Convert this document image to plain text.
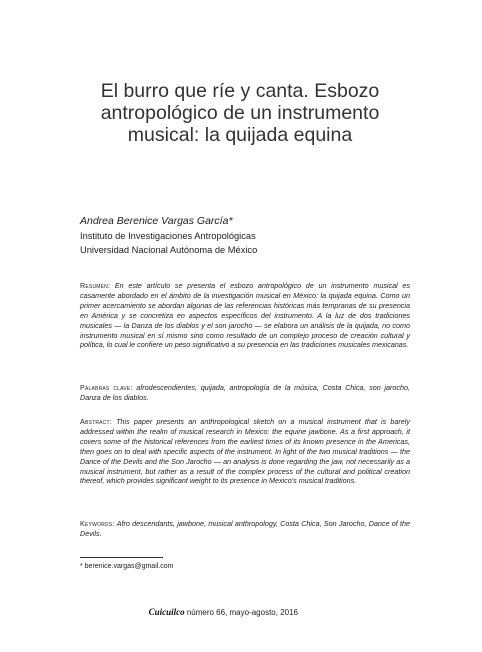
El burro que ríe y canta. Esbozo
antropológico de un instrumento
musical: la quijada equina
Andrea Berenice Vargas García*
Instituto de Investigaciones Antropológicas
Universidad Nacional Autónoma de México

Resumen: En este artículo se presenta el esbozo antropológico de un instrumento musical es casamente abordado en el ámbito de la investigación musical en México: la quijada equina. Como un primer acercamiento se abordan algunas de las referencias históricas más tempranas de su presencia en América y se concretiza en aspectos específicos del instrumento. A la luz de dos tradiciones musicales — la Danza de los diablos y el son jarocho — se elabora un análisis de la quijada, no como instrumento musical en sí mismo sino como resultado de un complejo proceso de creación cultural y política, lo cual le confiere un peso significativo a su presencia en las tradiciones musicales mexicanas.

Palabras clave: afrodescendientes, quijada, antropología de la música, Costa Chica, son jarocho, Danza de los diablos.

Abstract: This paper presents an anthropological sketch on a musical instrument that is barely addressed within the realm of musical research in Mexico: the equine jawbone. As a first approach, it covers some of the historical references from the earliest times of its known presence in the Americas, then goes on to deal with specific aspects of the instrument. In light of the two musical traditions — the Dance of the Devils and the Son Jarocho — an analysis is done regarding the jaw, not necessarily as a musical instrument, but rather as a result of the complex process of the cultural and political creation thereof, which provides significant weight to its presence in Mexico's musical traditions.

Keywords: Afro descendants, jawbone, musical anthropology, Costa Chica, Son Jarocho, Dance of the Devils.

* berenice.vargas@gmail.com
Cuicuilco número 66, mayo-agosto, 2016
